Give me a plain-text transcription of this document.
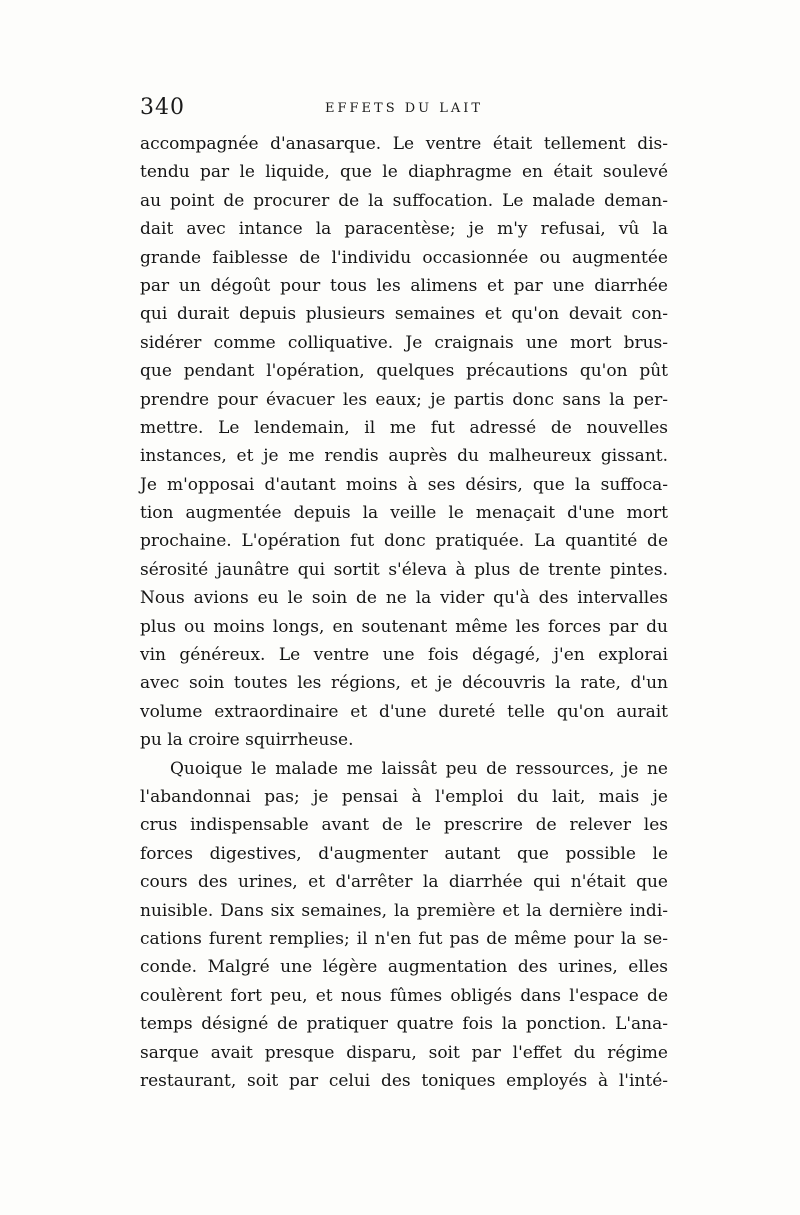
340	EFFETS DU LAIT
accompagnée d'anasarque. Le ventre était tellement dis-
tendu par le liquide, que le diaphragme en était soulevé
au point de procurer de la suffocation. Le malade deman-
dait avec intance la paracentèse; je m'y refusai, vû la
grande faiblesse de l'individu occasionnée ou augmentée
par un dégoût pour tous les alimens et par une diarrhée
qui durait depuis plusieurs semaines et qu'on devait con-
sidérer comme colliquative. Je craignais une mort brus-
que pendant l'opération, quelques précautions qu'on pût
prendre pour évacuer les eaux; je partis donc sans la per-
mettre. Le lendemain, il me fut adressé de nouvelles
instances, et je me rendis auprès du malheureux gissant.
Je m'opposai d'autant moins à ses désirs, que la suffoca-
tion augmentée depuis la veille le menaçait d'une mort
prochaine. L'opération fut donc pratiquée. La quantité de
sérosité jaunâtre qui sortit s'éleva à plus de trente pintes.
Nous avions eu le soin de ne la vider qu'à des intervalles
plus ou moins longs, en soutenant même les forces par du
vin généreux. Le ventre une fois dégagé, j'en explorai
avec soin toutes les régions, et je découvris la rate, d'un
volume extraordinaire et d'une dureté telle qu'on aurait
pu la croire squirrheuse.
Quoique le malade me laissât peu de ressources, je ne
l'abandonnai pas; je pensai à l'emploi du lait, mais je
crus indispensable avant de le prescrire de relever les
forces digestives, d'augmenter autant que possible le
cours des urines, et d'arrêter la diarrhée qui n'était que
nuisible. Dans six semaines, la première et la dernière indi-
cations furent remplies; il n'en fut pas de même pour la se-
conde. Malgré une légère augmentation des urines, elles
coulèrent fort peu, et nous fûmes obligés dans l'espace de
temps désigné de pratiquer quatre fois la ponction. L'ana-
sarque avait presque disparu, soit par l'effet du régime
restaurant, soit par celui des toniques employés à l'inté-
